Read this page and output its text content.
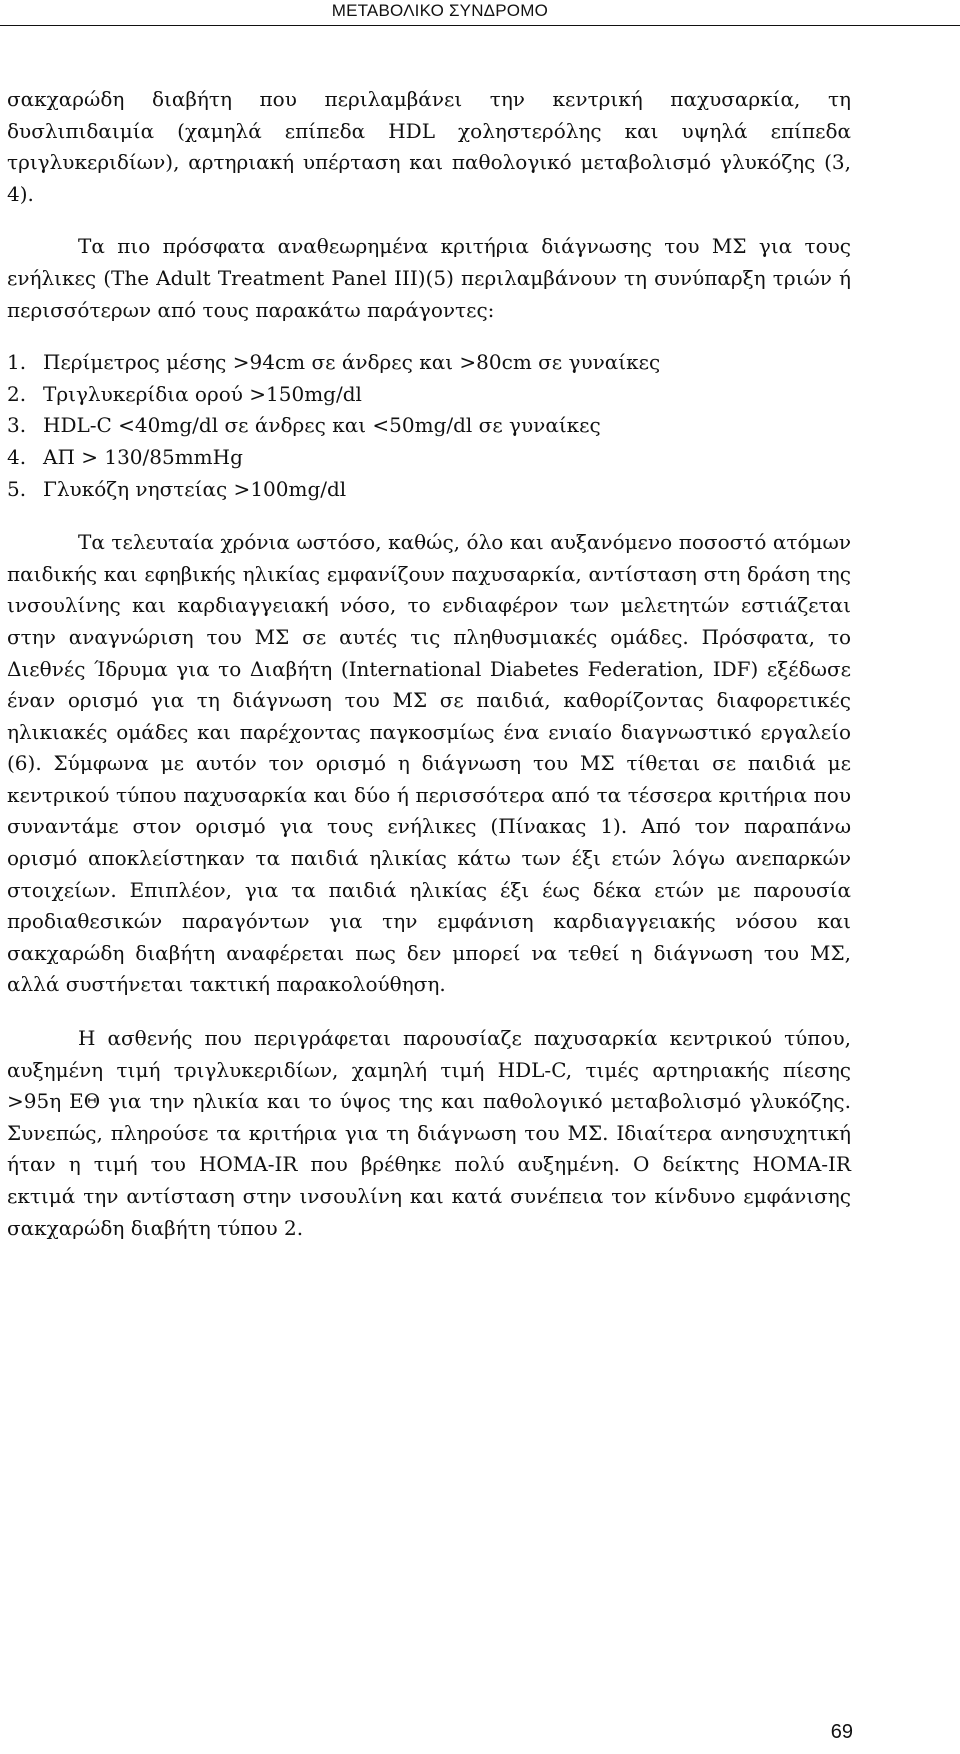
ΜΕΤΑΒΟΛΙΚΟ ΣΥΝΔΡΟΜΟ

σακχαρώδη διαβήτη που περιλαμβάνει την κεντρική παχυσαρκία, τη δυσλιπιδαιμία (χαμηλά επίπεδα HDL χοληστερόλης και υψηλά επίπεδα τριγλυκεριδίων), αρτηριακή υπέρταση και παθολογικό μεταβολισμό γλυκόζης (3, 4).

Τα πιο πρόσφατα αναθεωρημένα κριτήρια διάγνωσης του ΜΣ για τους ενήλικες (The Adult Treatment Panel III)(5) περιλαμβάνουν τη συνύπαρξη τριών ή περισσότερων από τους παρακάτω παράγοντες:

1. Περίμετρος μέσης >94cm σε άνδρες και >80cm σε γυναίκες
2. Τριγλυκερίδια ορού >150mg/dl
3. HDL-C <40mg/dl σε άνδρες και <50mg/dl σε γυναίκες
4. ΑΠ > 130/85mmHg
5. Γλυκόζη νηστείας >100mg/dl

Τα τελευταία χρόνια ωστόσο, καθώς, όλο και αυξανόμενο ποσοστό ατόμων παιδικής και εφηβικής ηλικίας εμφανίζουν παχυσαρκία, αντίσταση στη δράση της ινσουλίνης και καρδιαγγειακή νόσο, το ενδιαφέρον των μελετητών εστιάζεται στην αναγνώριση του ΜΣ σε αυτές τις πληθυσμιακές ομάδες. Πρόσφατα, το Διεθνές Ίδρυμα για το Διαβήτη (International Diabetes Federation, IDF) εξέδωσε έναν ορισμό για τη διάγνωση του ΜΣ σε παιδιά, καθορίζοντας διαφορετικές ηλικιακές ομάδες και παρέχοντας παγκοσμίως ένα ενιαίο διαγνωστικό εργαλείο (6). Σύμφωνα με αυτόν τον ορισμό η διάγνωση του ΜΣ τίθεται σε παιδιά με κεντρικού τύπου παχυσαρκία και δύο ή περισσότερα από τα τέσσερα κριτήρια που συναντάμε στον ορισμό για τους ενήλικες (Πίνακας 1). Από τον παραπάνω ορισμό αποκλείστηκαν τα παιδιά ηλικίας κάτω των έξι ετών λόγω ανεπαρκών στοιχείων. Επιπλέον, για τα παιδιά ηλικίας έξι έως δέκα ετών με παρουσία προδιαθεσικών παραγόντων για την εμφάνιση καρδιαγγειακής νόσου και σακχαρώδη διαβήτη αναφέρεται πως δεν μπορεί να τεθεί η διάγνωση του ΜΣ, αλλά συστήνεται τακτική παρακολούθηση.

Η ασθενής που περιγράφεται παρουσίαζε παχυσαρκία κεντρικού τύπου, αυξημένη τιμή τριγλυκεριδίων, χαμηλή τιμή HDL-C, τιμές αρτηριακής πίεσης >95η ΕΘ για την ηλικία και το ύψος της και παθολογικό μεταβολισμό γλυκόζης. Συνεπώς, πληρούσε τα κριτήρια για τη διάγνωση του ΜΣ. Ιδιαίτερα ανησυχητική ήταν η τιμή του HOMA-IR που βρέθηκε πολύ αυξημένη. Ο δείκτης HOMA-IR εκτιμά την αντίσταση στην ινσουλίνη και κατά συνέπεια τον κίνδυνο εμφάνισης σακχαρώδη διαβήτη τύπου 2.

69
